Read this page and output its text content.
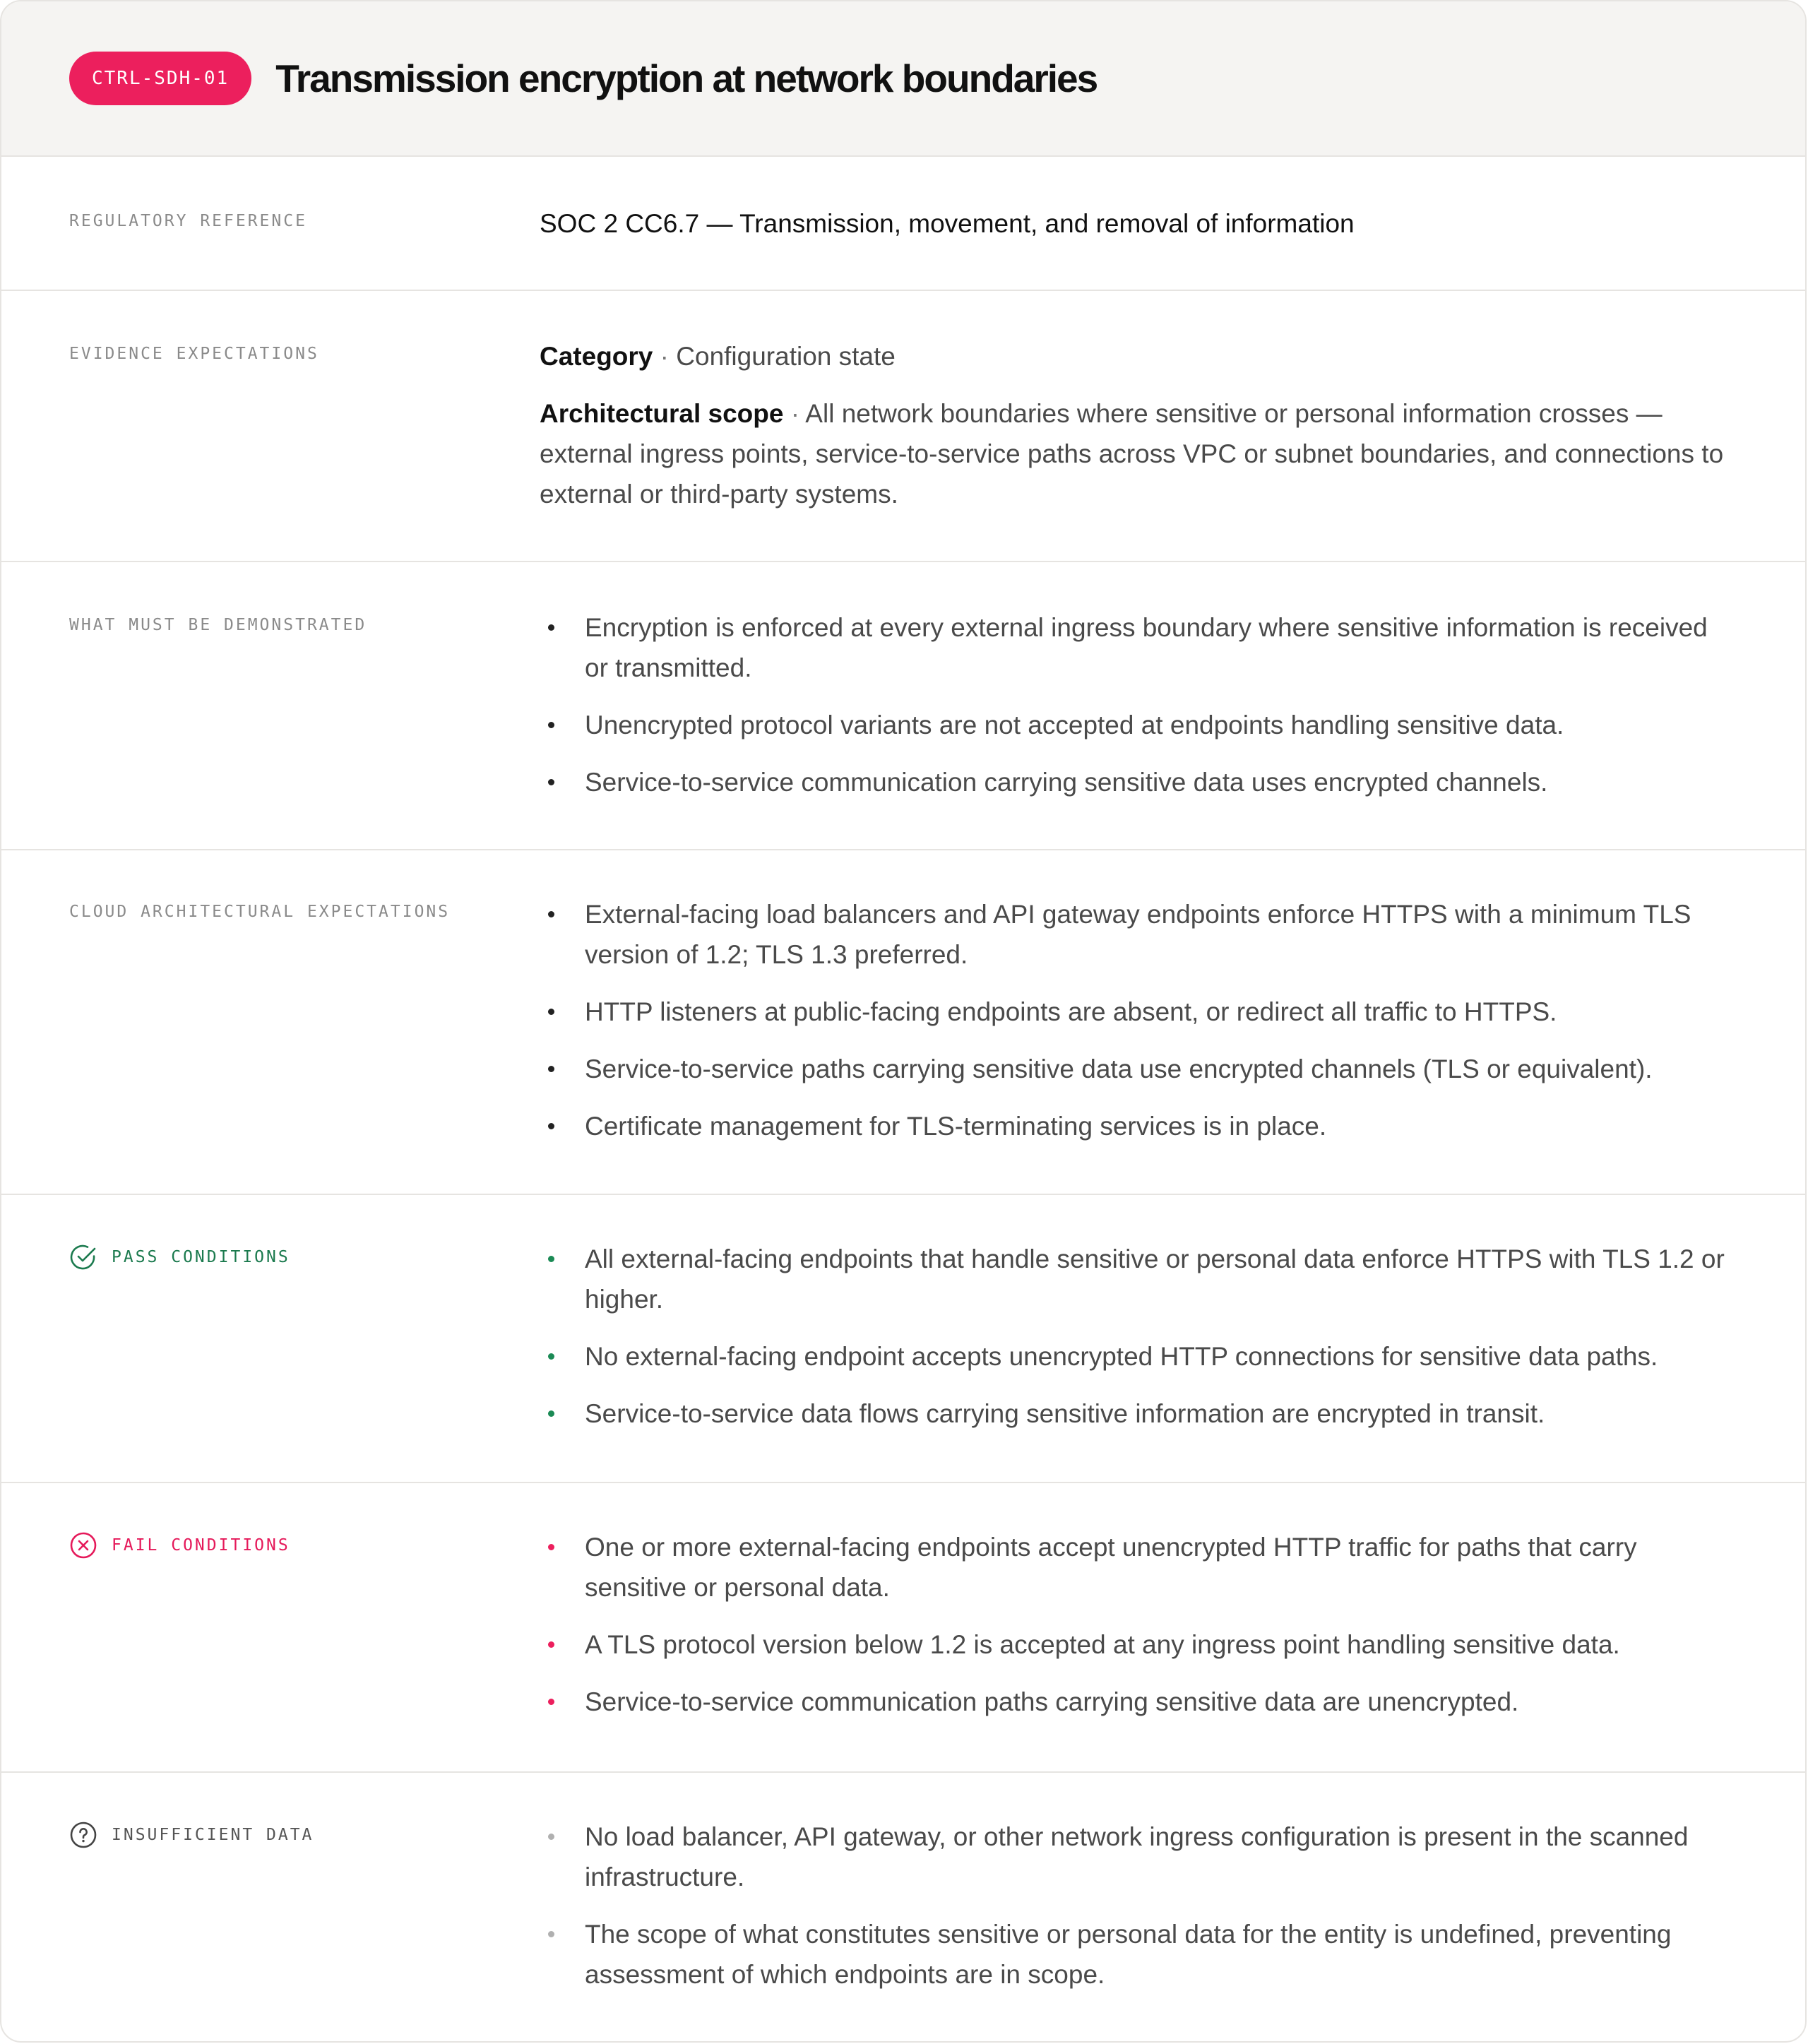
CTRL-SDH-01	Transmission encryption at network boundaries
REGULATORY REFERENCE	SOC 2 CC6.7 — Transmission, movement, and removal of information

EVIDENCE EXPECTATIONS	Category · Configuration state

Architectural scope · All network boundaries where sensitive or personal information crosses — external ingress points, service-to-service paths across VPC or subnet boundaries, and connections to external or third-party systems.

WHAT MUST BE DEMONSTRATED	Encryption is enforced at every external ingress boundary where sensitive information is received or transmitted.
Unencrypted protocol variants are not accepted at endpoints handling sensitive data.
Service-to-service communication carrying sensitive data uses encrypted channels.
CLOUD ARCHITECTURAL EXPECTATIONS	External-facing load balancers and API gateway endpoints enforce HTTPS with a minimum TLS version of 1.2; TLS 1.3 preferred.
HTTP listeners at public-facing endpoints are absent, or redirect all traffic to HTTPS.
Service-to-service paths carrying sensitive data use encrypted channels (TLS or equivalent).
Certificate management for TLS-terminating services is in place.
PASS CONDITIONS	All external-facing endpoints that handle sensitive or personal data enforce HTTPS with TLS 1.2 or higher.
No external-facing endpoint accepts unencrypted HTTP connections for sensitive data paths.
Service-to-service data flows carrying sensitive information are encrypted in transit.
FAIL CONDITIONS	One or more external-facing endpoints accept unencrypted HTTP traffic for paths that carry sensitive or personal data.
A TLS protocol version below 1.2 is accepted at any ingress point handling sensitive data.
Service-to-service communication paths carrying sensitive data are unencrypted.
INSUFFICIENT DATA	No load balancer, API gateway, or other network ingress configuration is present in the scanned infrastructure.
The scope of what constitutes sensitive or personal data for the entity is undefined, preventing assessment of which endpoints are in scope.
